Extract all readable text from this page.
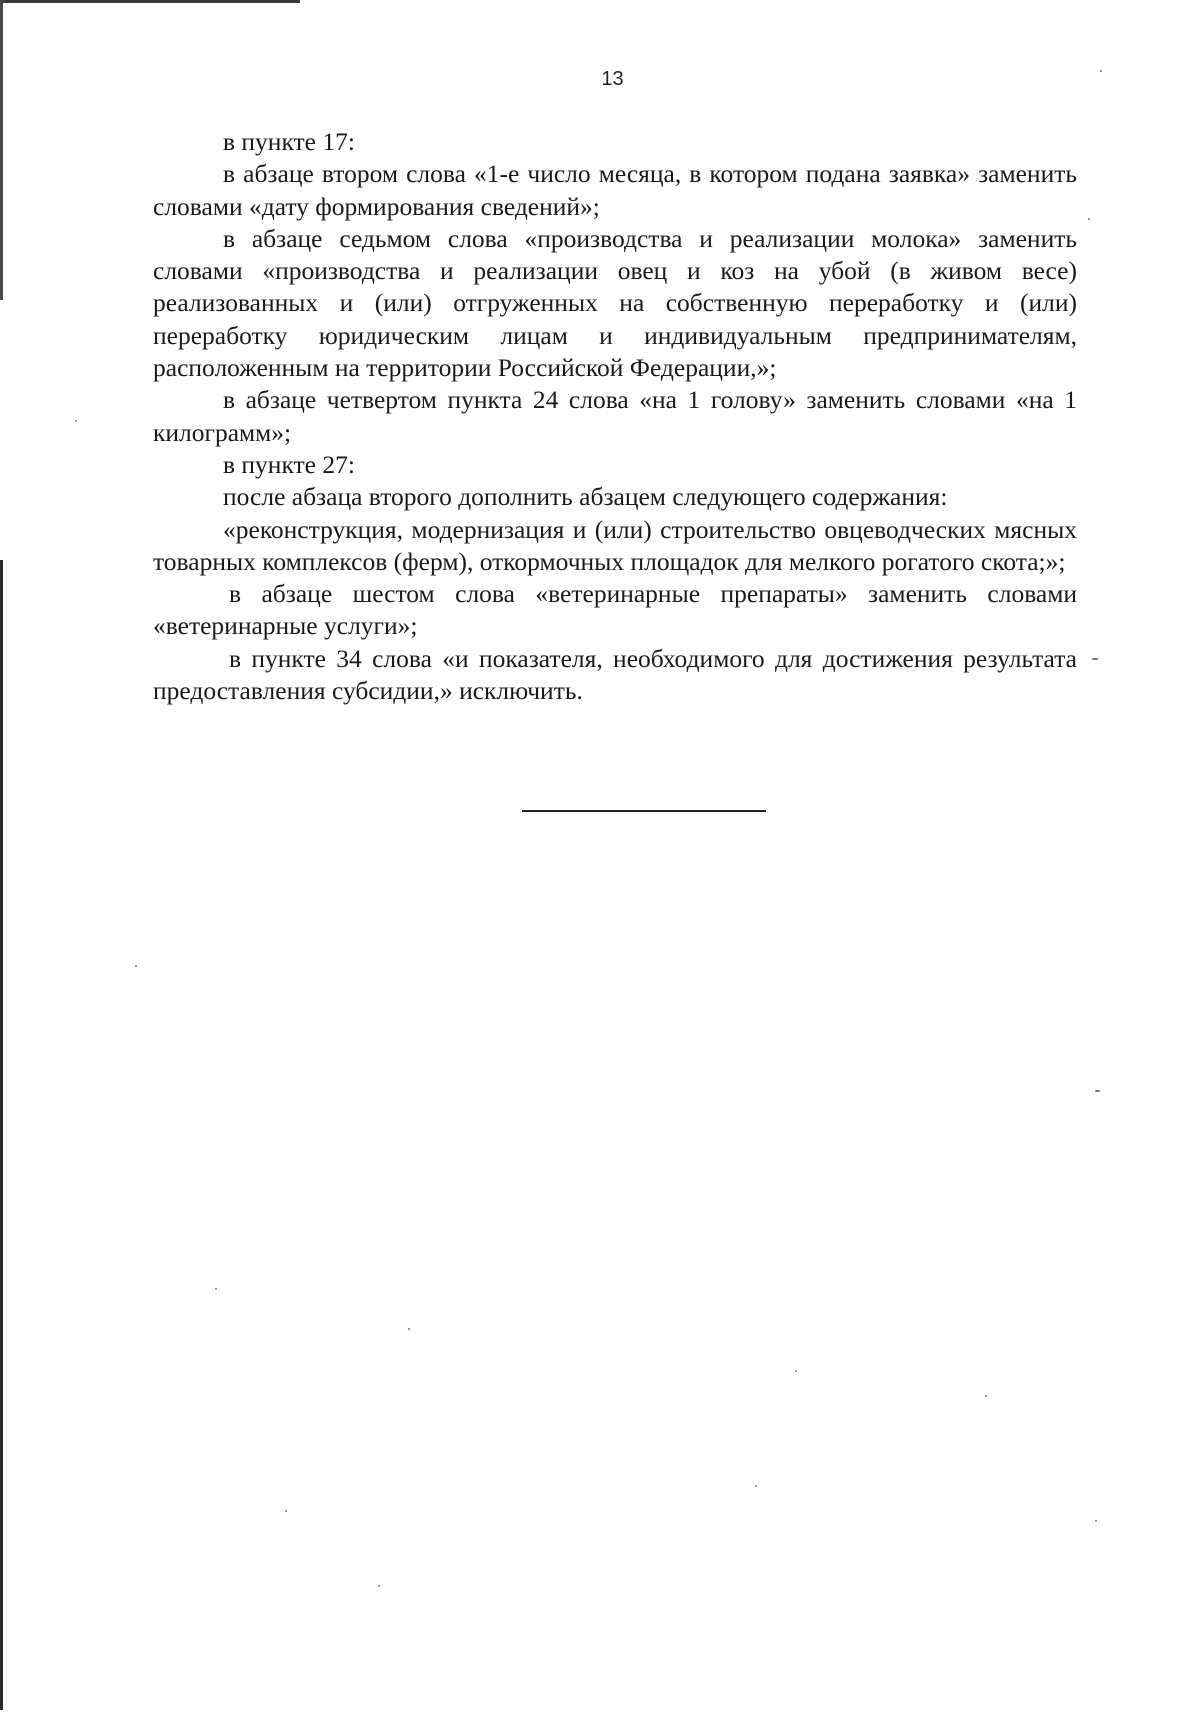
13

в пункте 17:

в абзаце втором слова «1-е число месяца, в котором подана заявка» заменить словами «дату формирования сведений»;

в абзаце седьмом слова «производства и реализации молока» заменить словами «производства и реализации овец и коз на убой (в живом весе) реализованных и (или) отгруженных на собственную переработку и (или) переработку юридическим лицам и индивидуальным предпринимателям, расположенным на территории Российской Федерации,»;

в абзаце четвертом пункта 24 слова «на 1 голову» заменить словами «на 1 килограмм»;

в пункте 27:

после абзаца второго дополнить абзацем следующего содержания:

«реконструкция, модернизация и (или) строительство овцеводческих мясных товарных комплексов (ферм), откормочных площадок для мелкого рогатого скота;»;

в абзаце шестом слова «ветеринарные препараты» заменить словами «ветеринарные услуги»;

в пункте 34 слова «и показателя, необходимого для достижения результата предоставления субсидии,» исключить.
